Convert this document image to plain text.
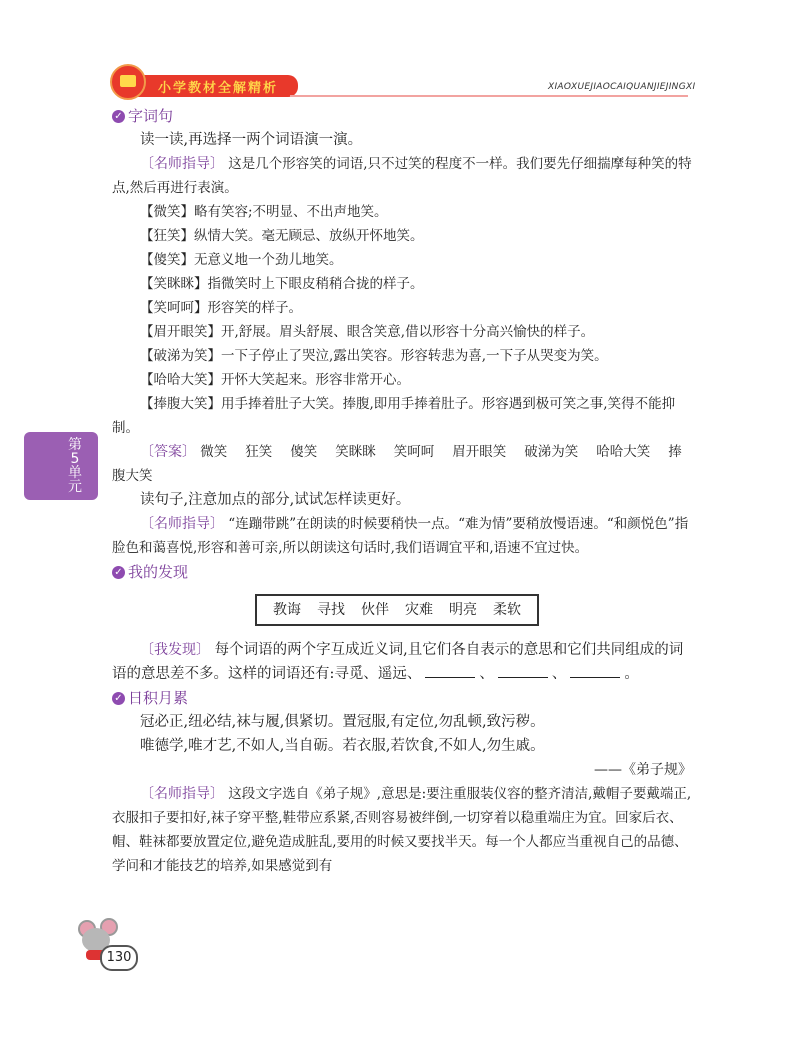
小学教材全解精析	XIAOXUEJIAOCAIQUANJIEJINGXI
第
5
单
元
✓ 字词句

读一读,再选择一两个词语演一演。

〔名师指导〕 这是几个形容笑的词语,只不过笑的程度不一样。我们要先仔细揣摩每种笑的特点,然后再进行表演。

【微笑】略有笑容;不明显、不出声地笑。

【狂笑】纵情大笑。毫无顾忌、放纵开怀地笑。

【傻笑】无意义地一个劲儿地笑。

【笑眯眯】指微笑时上下眼皮稍稍合拢的样子。

【笑呵呵】形容笑的样子。

【眉开眼笑】开,舒展。眉头舒展、眼含笑意,借以形容十分高兴愉快的样子。

【破涕为笑】一下子停止了哭泣,露出笑容。形容转悲为喜,一下子从哭变为笑。

【哈哈大笑】开怀大笑起来。形容非常开心。

【捧腹大笑】用手捧着肚子大笑。捧腹,即用手捧着肚子。形容遇到极可笑之事,笑得不能抑制。

〔答案〕 微笑 狂笑 傻笑 笑眯眯 笑呵呵 眉开眼笑 破涕为笑 哈哈大笑 捧腹大笑

读句子,注意加点的部分,试试怎样读更好。

〔名师指导〕 “连蹦带跳”在朗读的时候要稍快一点。“难为情”要稍放慢语速。“和颜悦色”指脸色和蔼喜悦,形容和善可亲,所以朗读这句话时,我们语调宜平和,语速不宜过快。

✓ 我的发现
教诲 寻找 伙伴 灾难 明亮 柔软

〔我发现〕 每个词语的两个字互成近义词,且它们各自表示的意思和它们共同组成的词语的意思差不多。这样的词语还有:寻觅、遥远、	、	、	。

✓ 日积月累

冠必正,纽必结,袜与履,俱紧切。置冠服,有定位,勿乱顿,致污秽。

唯德学,唯才艺,不如人,当自砺。若衣服,若饮食,不如人,勿生戚。

——《弟子规》

〔名师指导〕 这段文字选自《弟子规》,意思是:要注重服装仪容的整齐清洁,戴帽子要戴端正,衣服扣子要扣好,袜子穿平整,鞋带应系紧,否则容易被绊倒,一切穿着以稳重端庄为宜。回家后衣、帽、鞋袜都要放置定位,避免造成脏乱,要用的时候又要找半天。每一个人都应当重视自己的品德、学问和才能技艺的培养,如果感觉到有

130
